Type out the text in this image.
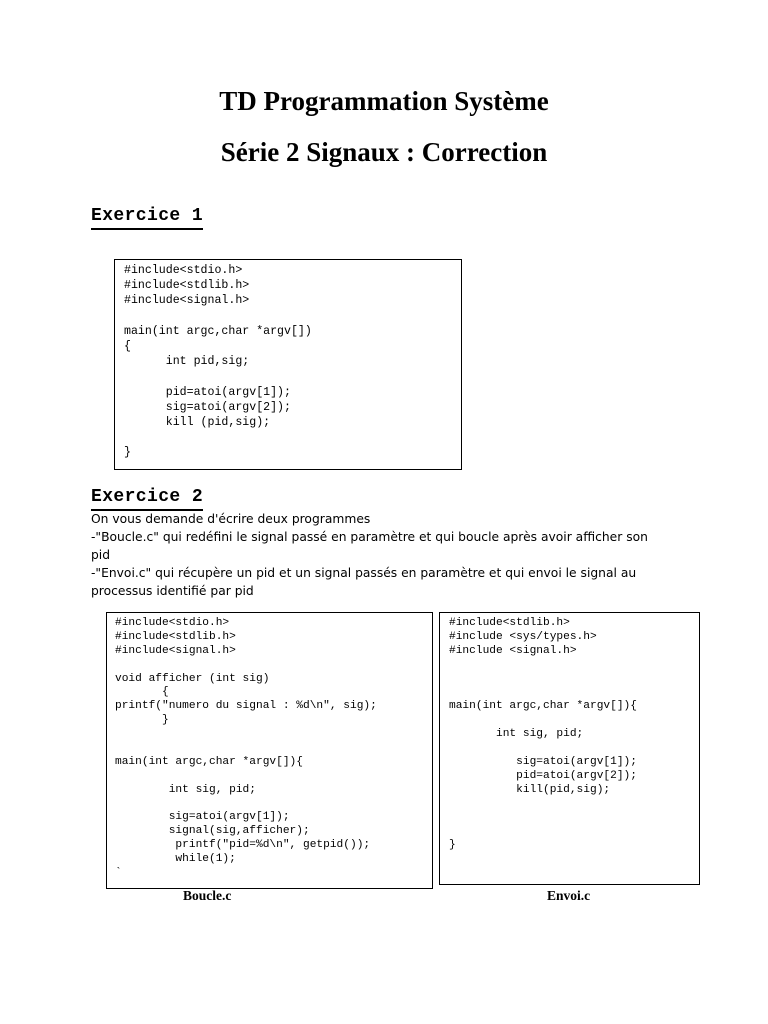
TD Programmation Système
Série 2 Signaux : Correction
Exercice 1
#include<stdio.h>
#include<stdlib.h>
#include<signal.h>
main(int argc,char *argv[])
{
int pid,sig;
pid=atoi(argv[1]);
sig=atoi(argv[2]);
kill (pid,sig);
}
Exercice 2
On vous demande d'écrire deux programmes
-"Boucle.c" qui redéfini le signal passé en paramètre et qui boucle après avoir afficher son
pid
-"Envoi.c" qui récupère un pid et un signal passés en paramètre et qui envoi le signal au
processus identifié par pid
#include<stdio.h>
#include<stdlib.h>
#include<signal.h>
void afficher (int sig)
{
printf("numero du signal : %d\n", sig);
}
main(int argc,char *argv[]){
int sig, pid;
sig=atoi(argv[1]);
signal(sig,afficher);
printf("pid=%d\n", getpid());
while(1);
`
#include<stdlib.h>
#include <sys/types.h>
#include <signal.h>
main(int argc,char *argv[]){
int sig, pid;
sig=atoi(argv[1]);
pid=atoi(argv[2]);
kill(pid,sig);
}
Boucle.c	Envoi.c
